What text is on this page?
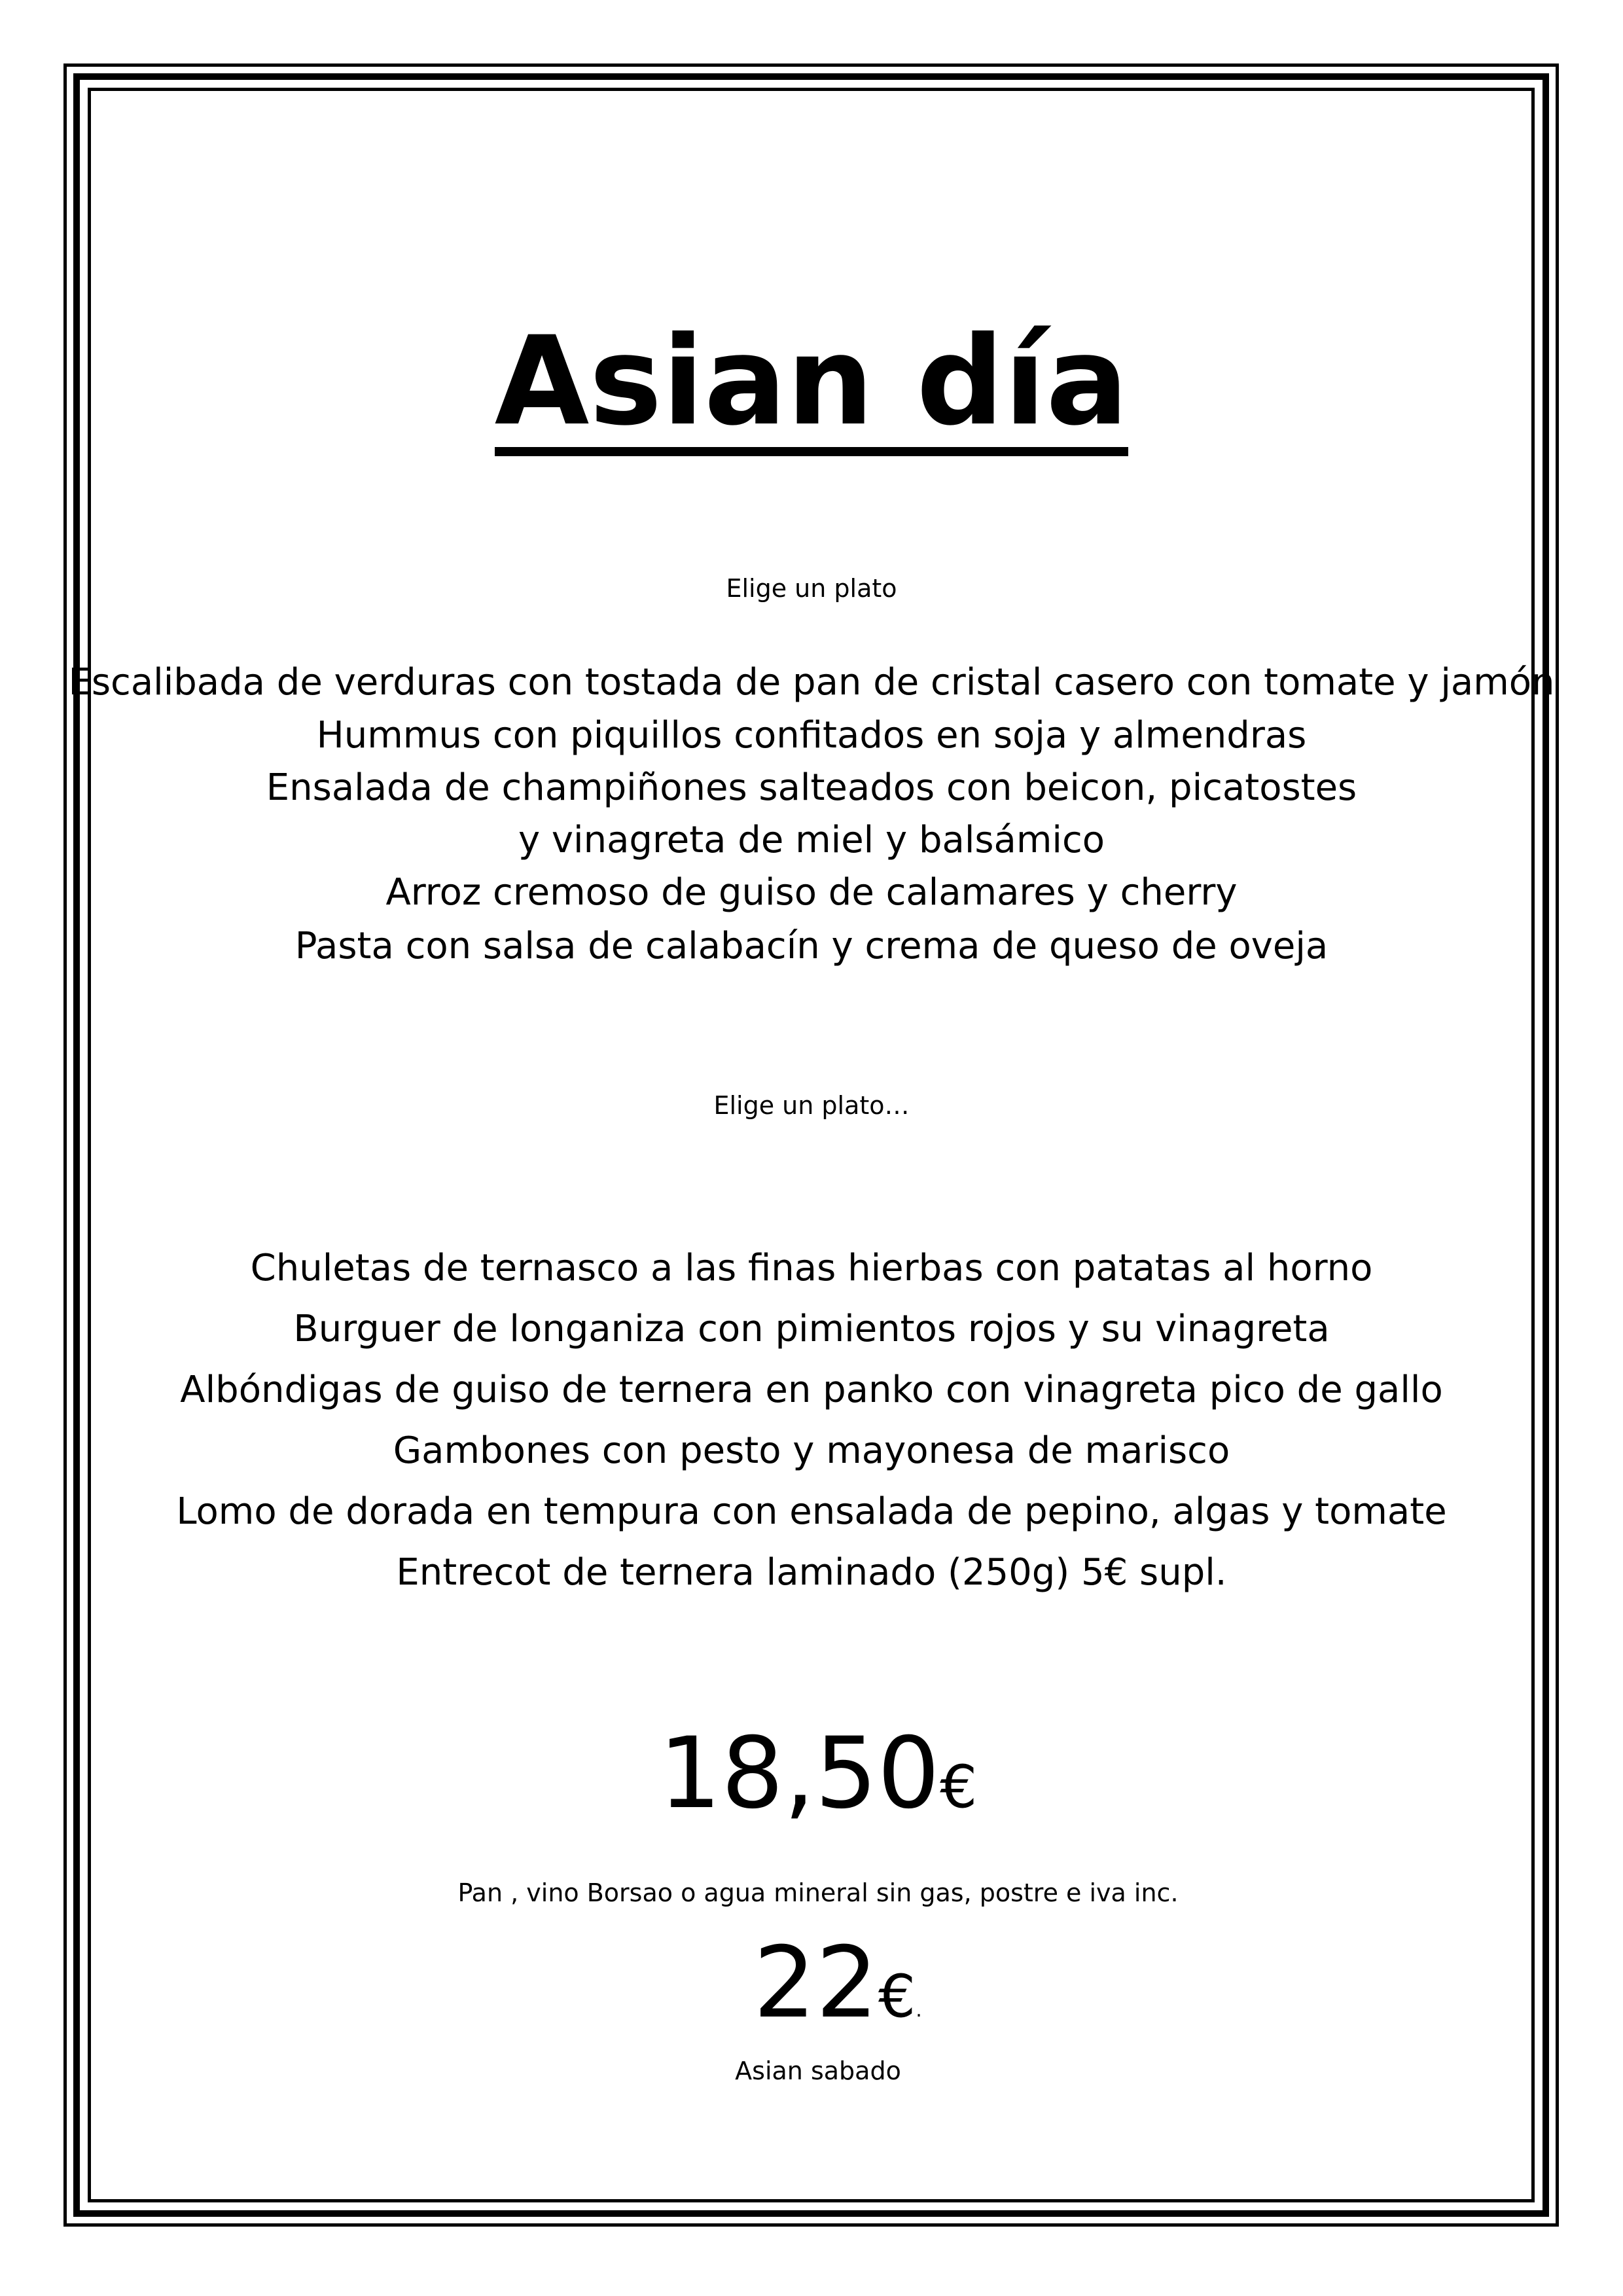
Asian día

Elige un plato

Escalibada de verduras con tostada de pan de cristal casero con tomate y jamón

Hummus con piquillos confitados en soja y almendras

Ensalada de champiñones salteados con beicon, picatostes

y vinagreta de miel y balsámico

Arroz cremoso de guiso de calamares y cherry

Pasta con salsa de calabacín y crema de queso de oveja

Elige un plato…

Chuletas de ternasco a las finas hierbas con patatas al horno

Burguer de longaniza con pimientos rojos y su vinagreta

Albóndigas de guiso de ternera en panko con vinagreta pico de gallo

Gambones con pesto y mayonesa de marisco

Lomo de dorada en tempura con ensalada de pepino, algas y tomate

Entrecot de ternera laminado (250g) 5€ supl.

18,50€

Pan , vino Borsao o agua mineral sin gas, postre e iva inc.

22€.

Asian sabado
